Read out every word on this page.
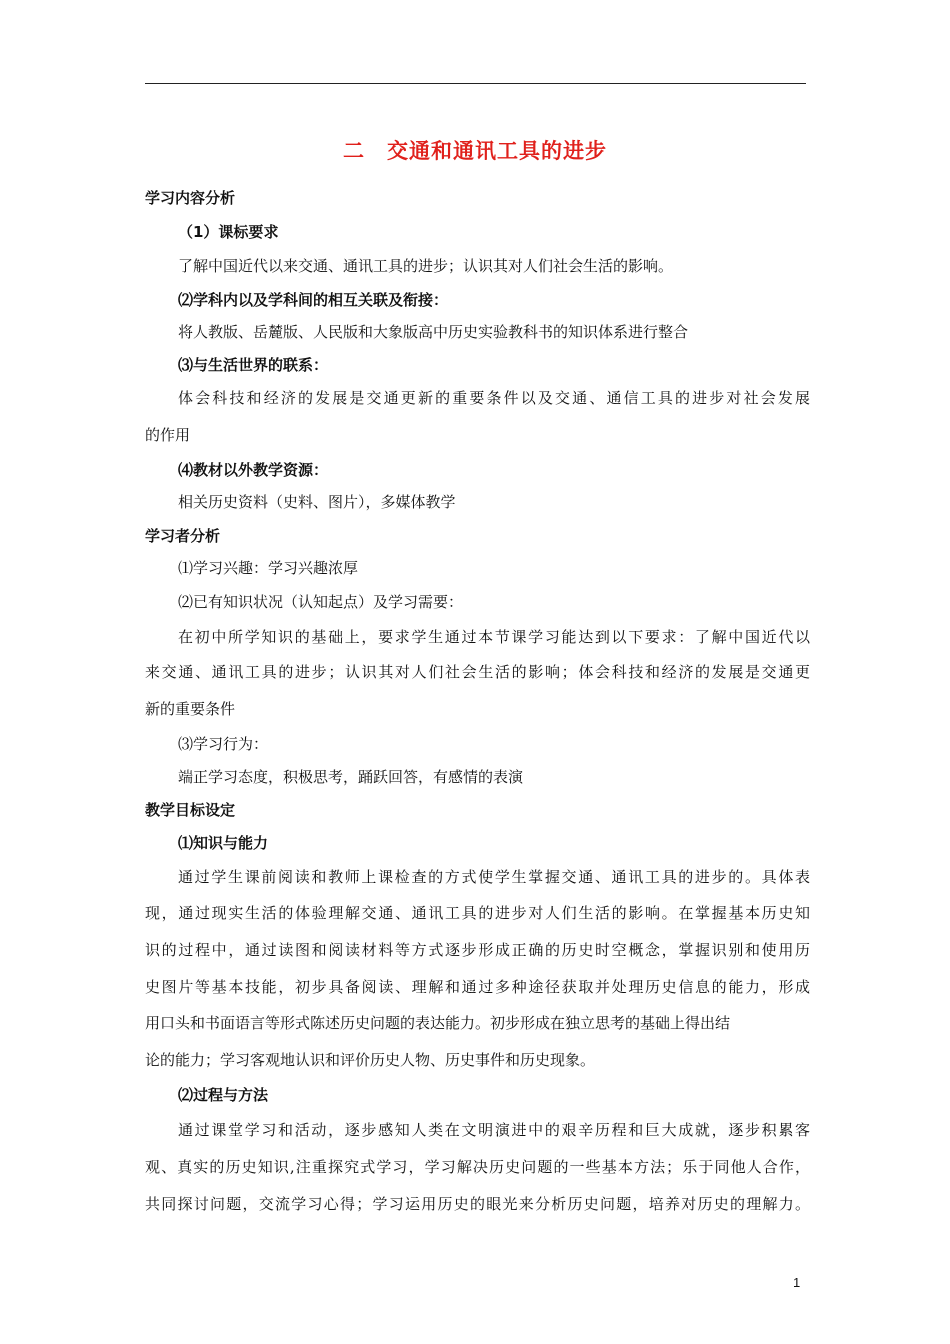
二　交通和通讯工具的进步
学习内容分析
（1）课标要求
了解中国近代以来交通、通讯工具的进步；认识其对人们社会生活的影响。
⑵学科内以及学科间的相互关联及衔接：
将人教版、岳麓版、人民版和大象版高中历史实验教科书的知识体系进行整合
⑶与生活世界的联系：
体会科技和经济的发展是交通更新的重要条件以及交通、通信工具的进步对社会发展
的作用
⑷教材以外教学资源：
相关历史资料（史料、图片），多媒体教学
学习者分析
⑴学习兴趣：学习兴趣浓厚
⑵已有知识状况（认知起点）及学习需要：
在初中所学知识的基础上，要求学生通过本节课学习能达到以下要求：了解中国近代以
来交通、通讯工具的进步；认识其对人们社会生活的影响；体会科技和经济的发展是交通更
新的重要条件
⑶学习行为：
端正学习态度，积极思考，踊跃回答，有感情的表演
教学目标设定
⑴知识与能力
通过学生课前阅读和教师上课检查的方式使学生掌握交通、通讯工具的进步的。具体表
现，通过现实生活的体验理解交通、通讯工具的进步对人们生活的影响。在掌握基本历史知
识的过程中，通过读图和阅读材料等方式逐步形成正确的历史时空概念，掌握识别和使用历
史图片等基本技能，初步具备阅读、理解和通过多种途径获取并处理历史信息的能力，形成
用口头和书面语言等形式陈述历史问题的表达能力。初步形成在独立思考的基础上得出结
论的能力；学习客观地认识和评价历史人物、历史事件和历史现象。
⑵过程与方法
通过课堂学习和活动，逐步感知人类在文明演进中的艰辛历程和巨大成就，逐步积累客
观、真实的历史知识,注重探究式学习，学习解决历史问题的一些基本方法；乐于同他人合作，
共同探讨问题，交流学习心得；学习运用历史的眼光来分析历史问题，培养对历史的理解力。
1
